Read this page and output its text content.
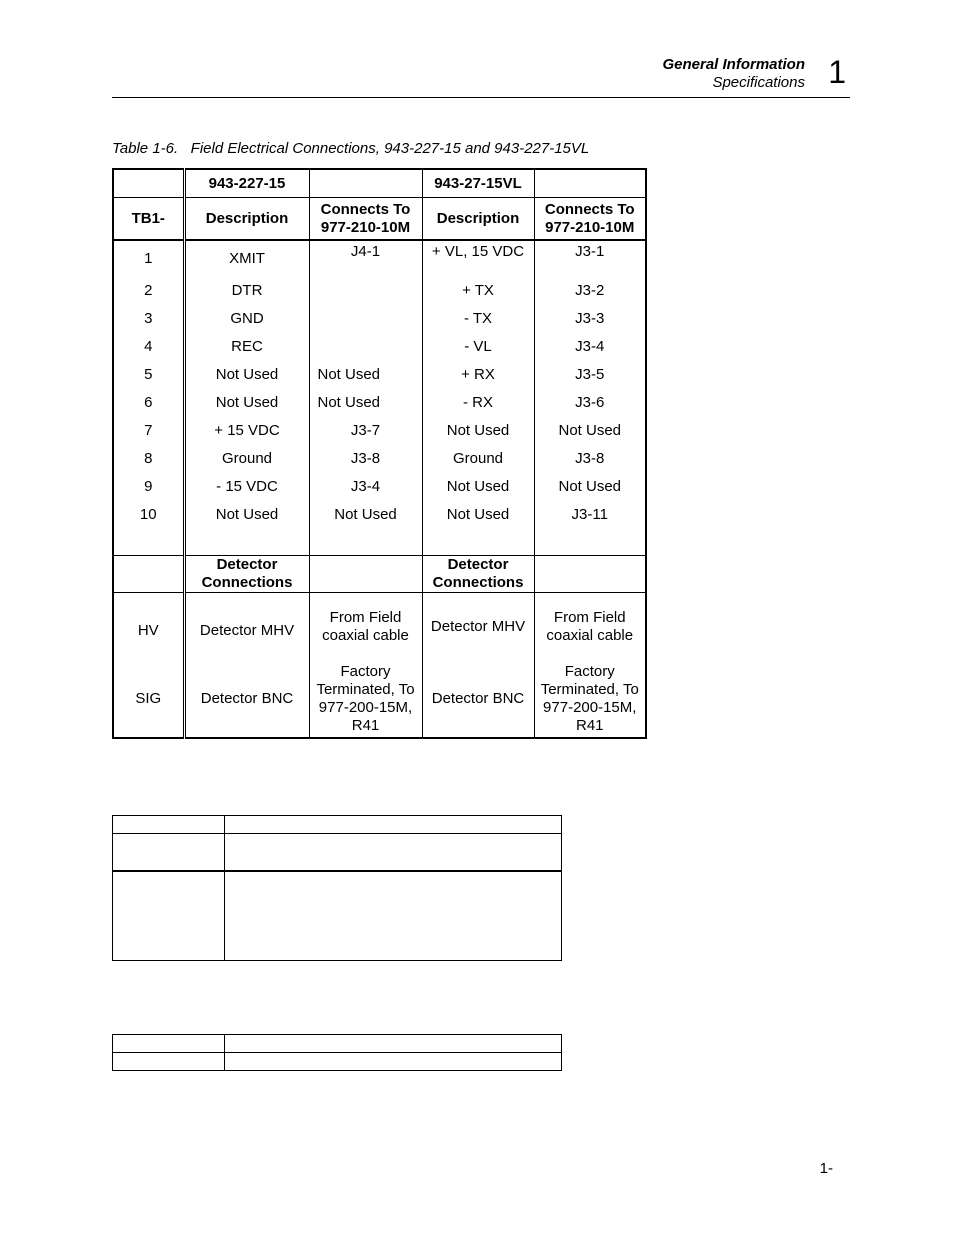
General Information
Specifications 1
Table 1-6.   Field Electrical Connections, 943-227-15 and 943-227-15VL
	943-227-15		943-27-15VL	
TB1-	Description	Connects To 977-210-10M	Description	Connects To 977-210-10M
1	XMIT	J4-1	+ VL, 15 VDC	J3-1
2	DTR		+ TX	J3-2
3	GND		- TX	J3-3
4	REC		- VL	J3-4
5	Not Used	Not Used	+ RX	J3-5
6	Not Used	Not Used	- RX	J3-6
7	+ 15 VDC	J3-7	Not Used	Not Used
8	Ground	J3-8	Ground	J3-8
9	- 15 VDC	J3-4	Not Used	Not Used
10	Not Used	Not Used	Not Used	J3-11

	Detector Connections		Detector Connections	
HV	Detector MHV	From Field coaxial cable	Detector MHV	From Field coaxial cable
SIG	Detector BNC	Factory Terminated, To 977-200-15M, R41	Detector BNC	Factory Terminated, To 977-200-15M, R41

1-
